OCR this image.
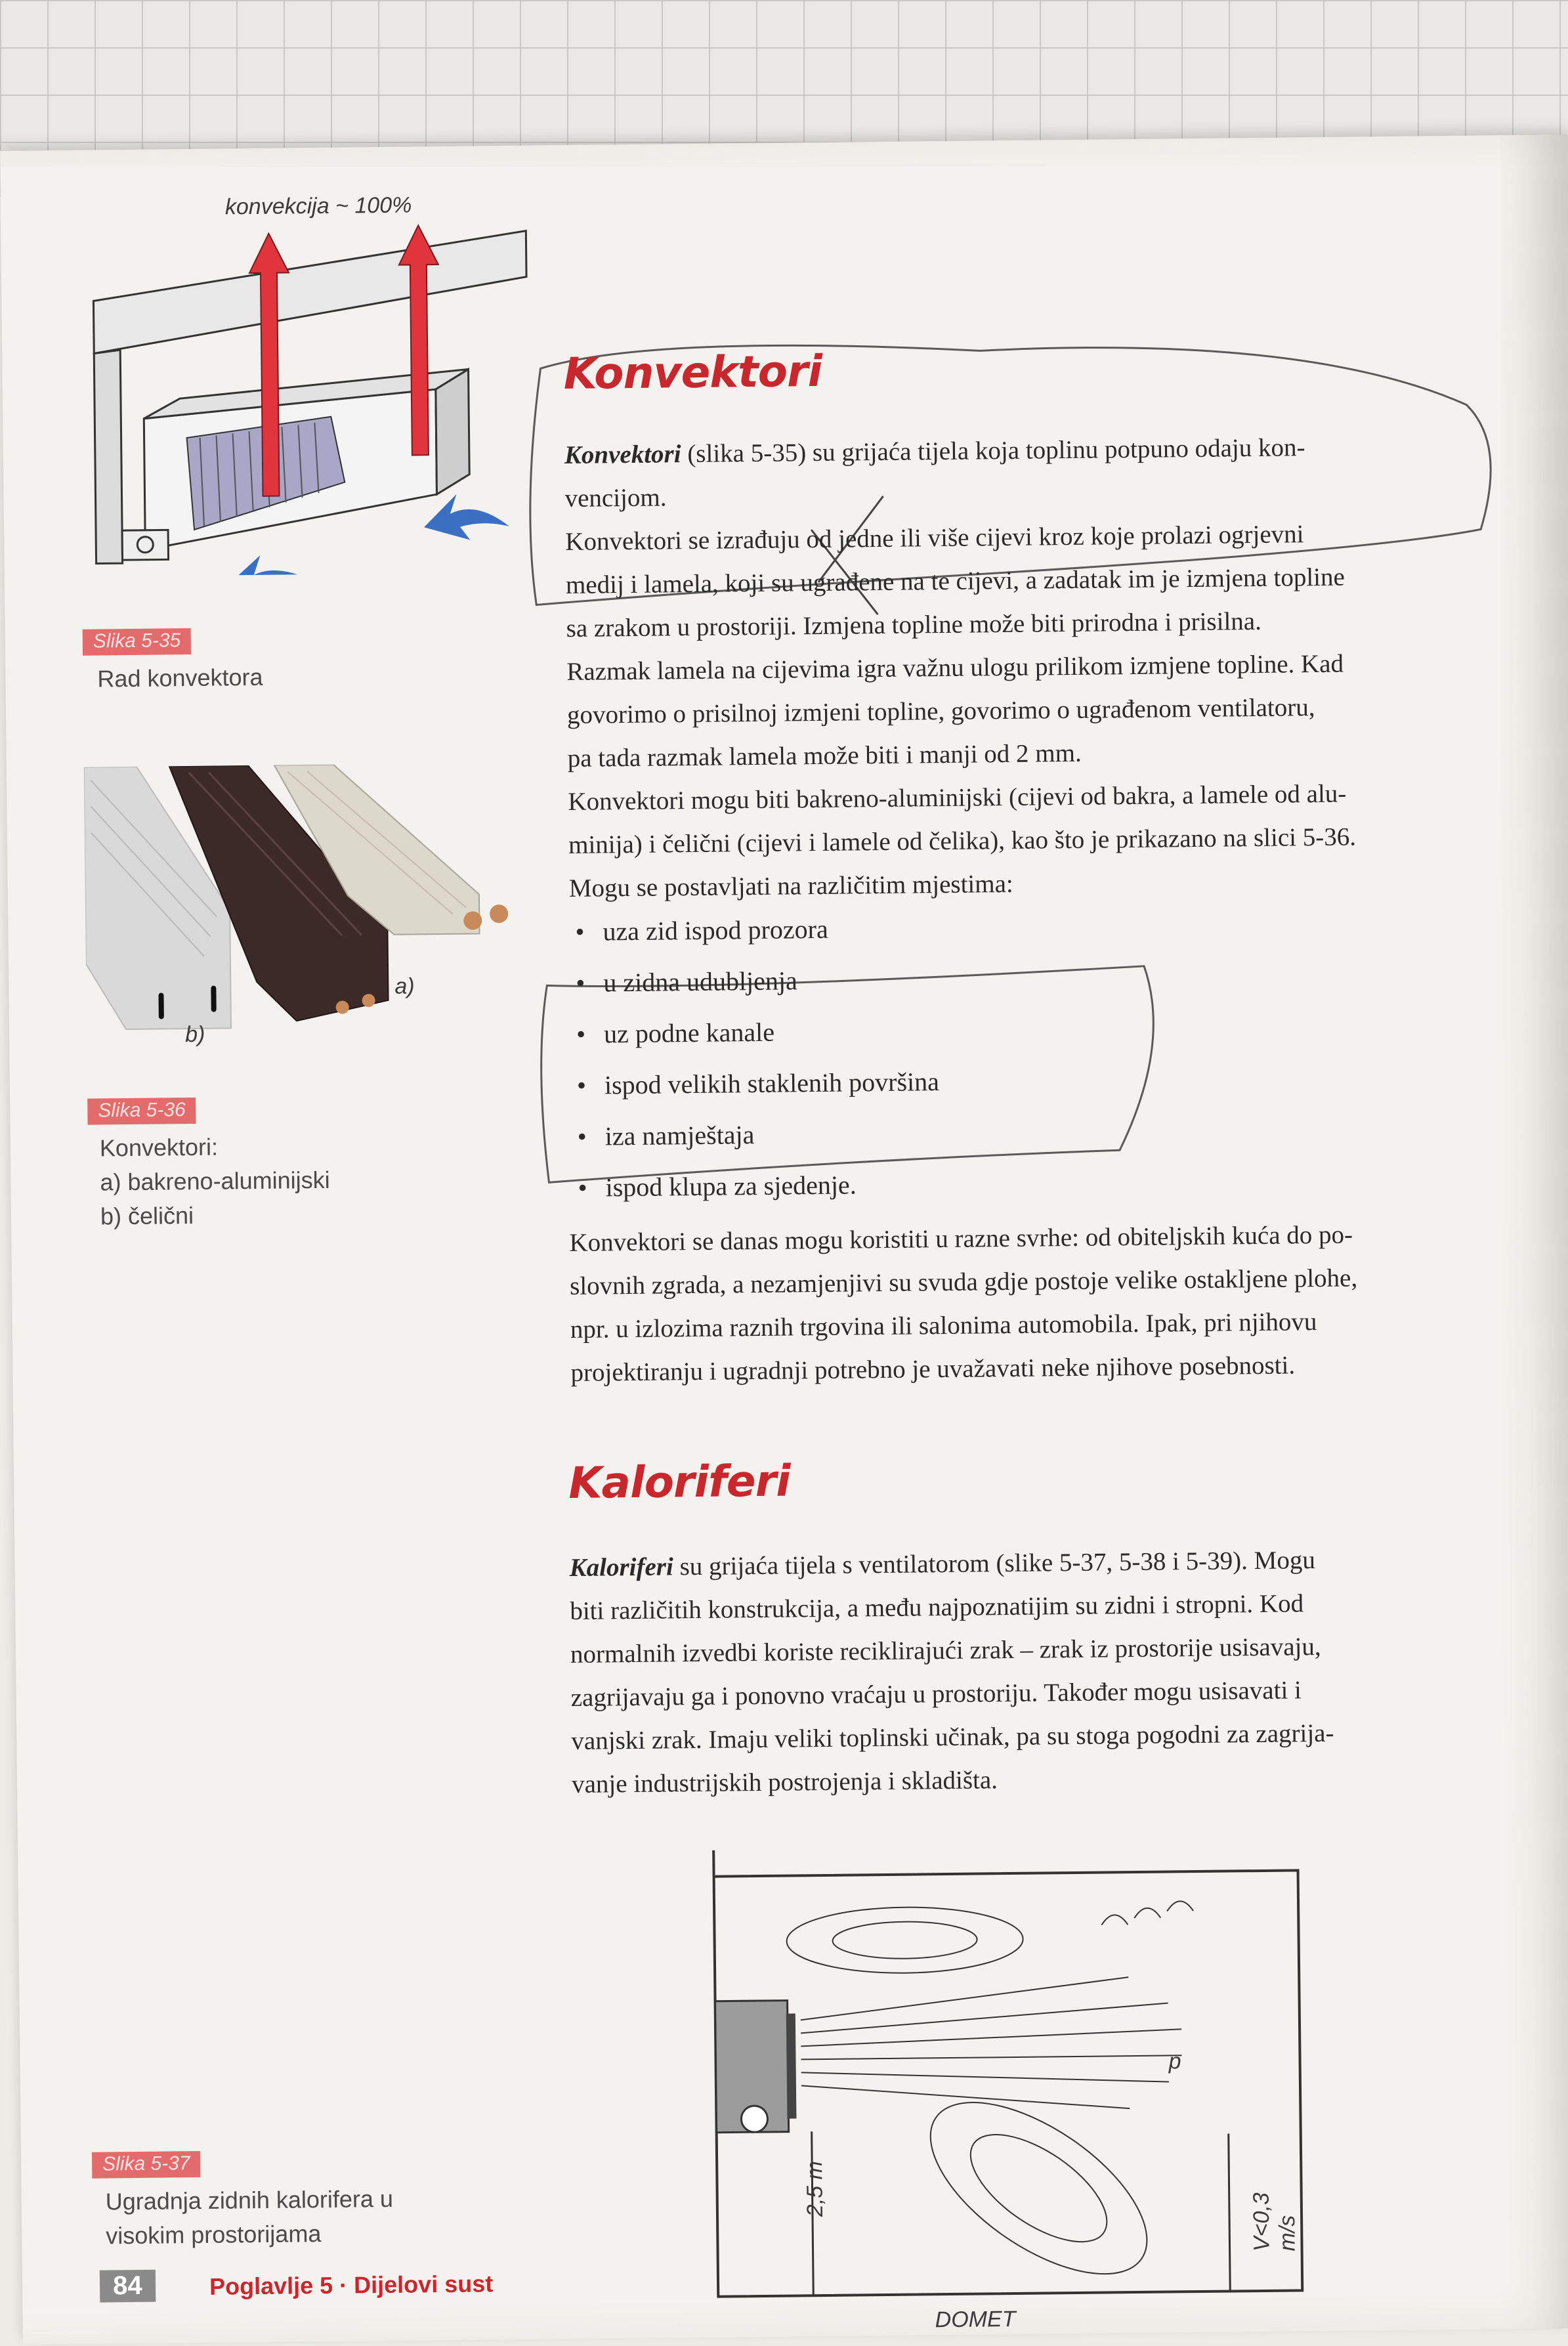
konvekcija ~ 100%
Slika 5-35
Rad konvektora
a)
b)
Slika 5-36
Konvektori:
a) bakreno-aluminijski
b) čelični
Konvektori
Konvektori (slika 5-35) su grijaća tijela koja toplinu potpuno odaju kon-
vencijom.
Konvektori se izrađuju od jedne ili više cijevi kroz koje prolazi ogrjevni
medij i lamela, koji su ugrađene na te cijevi, a zadatak im je izmjena topline
sa zrakom u prostoriji. Izmjena topline može biti prirodna i prisilna.
Razmak lamela na cijevima igra važnu ulogu prilikom izmjene topline. Kad
govorimo o prisilnoj izmjeni topline, govorimo o ugrađenom ventilatoru,
pa tada razmak lamela može biti i manji od 2 mm.
Konvektori mogu biti bakreno-aluminijski (cijevi od bakra, a lamele od alu-
minija) i čelični (cijevi i lamele od čelika), kao što je prikazano na slici 5-36.
Mogu se postavljati na različitim mjestima:
• uza zid ispod prozora
• u zidna udubljenja
• uz podne kanale
• ispod velikih staklenih površina
• iza namještaja
• ispod klupa za sjedenje.
Konvektori se danas mogu koristiti u razne svrhe: od obiteljskih kuća do po-
slovnih zgrada, a nezamjenjivi su svuda gdje postoje velike ostakljene plohe,
npr. u izlozima raznih trgovina ili salonima automobila. Ipak, pri njihovu
projektiranju i ugradnji potrebno je uvažavati neke njihove posebnosti.
Kaloriferi
Kaloriferi su grijaća tijela s ventilatorom (slike 5-37, 5-38 i 5-39). Mogu
biti različitih konstrukcija, a među najpoznatijim su zidni i stropni. Kod
normalnih izvedbi koriste reciklirajući zrak – zrak iz prostorije usisavaju,
zagrijavaju ga i ponovno vraćaju u prostoriju. Također mogu usisavati i
vanjski zrak. Imaju veliki toplinski učinak, pa su stoga pogodni za zagrija-
vanje industrijskih postrojenja i skladišta.
p
2,5 m
V<0,3 m/s
DOMET
Slika 5-37
Ugradnja zidnih kalorifera u
visokim prostorijama
84	Poglavlje 5 · Dijelovi sust
